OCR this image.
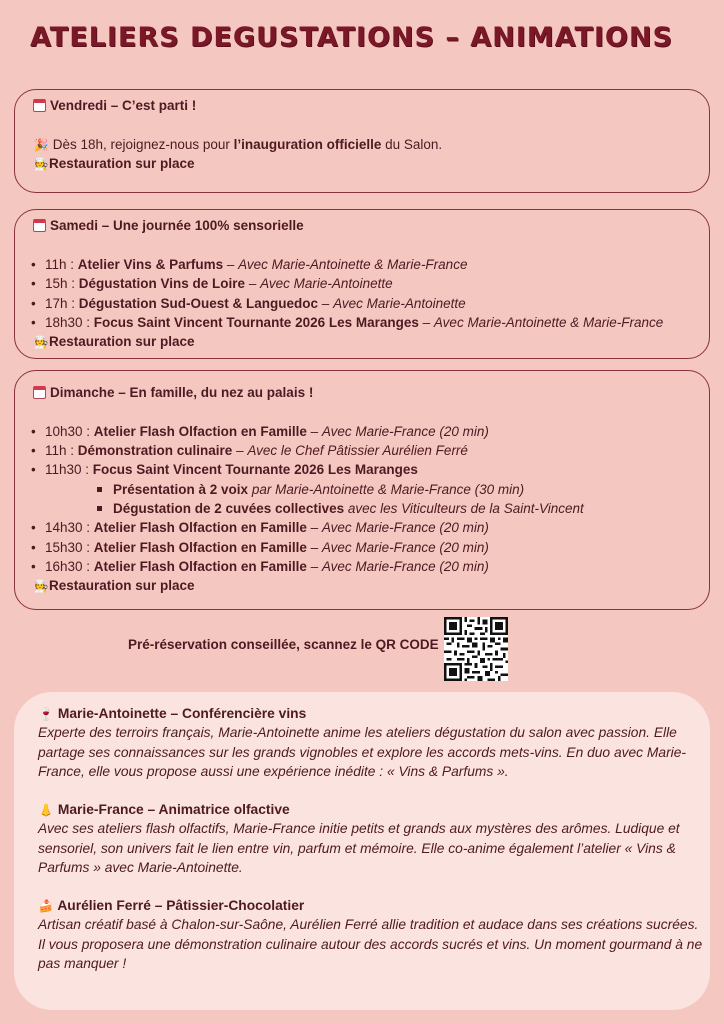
ATELIERS DEGUSTATIONS – ANIMATIONS
Vendredi – C’est parti !
🎉 Dès 18h, rejoignez-nous pour l’inauguration officielle du Salon.
🧑‍🍳Restauration sur place
Samedi – Une journée 100% sensorielle
• 11h : Atelier Vins & Parfums – Avec Marie-Antoinette & Marie-France
• 15h : Dégustation Vins de Loire – Avec Marie-Antoinette
• 17h : Dégustation Sud-Ouest & Languedoc – Avec Marie-Antoinette
• 18h30 : Focus Saint Vincent Tournante 2026 Les Maranges – Avec Marie-Antoinette & Marie-France
🧑‍🍳Restauration sur place
Dimanche – En famille, du nez au palais !
• 10h30 : Atelier Flash Olfaction en Famille – Avec Marie-France (20 min)
• 11h : Démonstration culinaire – Avec le Chef Pâtissier Aurélien Ferré
• 11h30 : Focus Saint Vincent Tournante 2026 Les Maranges
Présentation à 2 voix par Marie-Antoinette & Marie-France (30 min)
Dégustation de 2 cuvées collectives avec les Viticulteurs de la Saint-Vincent
• 14h30 : Atelier Flash Olfaction en Famille – Avec Marie-France (20 min)
• 15h30 : Atelier Flash Olfaction en Famille – Avec Marie-France (20 min)
• 16h30 : Atelier Flash Olfaction en Famille – Avec Marie-France (20 min)
🧑‍🍳Restauration sur place
Pré-réservation conseillée, scannez le QR CODE
🍷 Marie-Antoinette – Conférencière vins
Experte des terroirs français, Marie-Antoinette anime les ateliers dégustation du salon avec passion. Elle partage ses connaissances sur les grands vignobles et explore les accords mets-vins. En duo avec Marie-France, elle vous propose aussi une expérience inédite : « Vins & Parfums ».
👃 Marie-France – Animatrice olfactive
Avec ses ateliers flash olfactifs, Marie-France initie petits et grands aux mystères des arômes. Ludique et sensoriel, son univers fait le lien entre vin, parfum et mémoire. Elle co-anime également l’atelier « Vins & Parfums » avec Marie-Antoinette.
🍰 Aurélien Ferré – Pâtissier-Chocolatier
Artisan créatif basé à Chalon-sur-Saône, Aurélien Ferré allie tradition et audace dans ses créations sucrées. Il vous proposera une démonstration culinaire autour des accords sucrés et vins. Un moment gourmand à ne pas manquer !
